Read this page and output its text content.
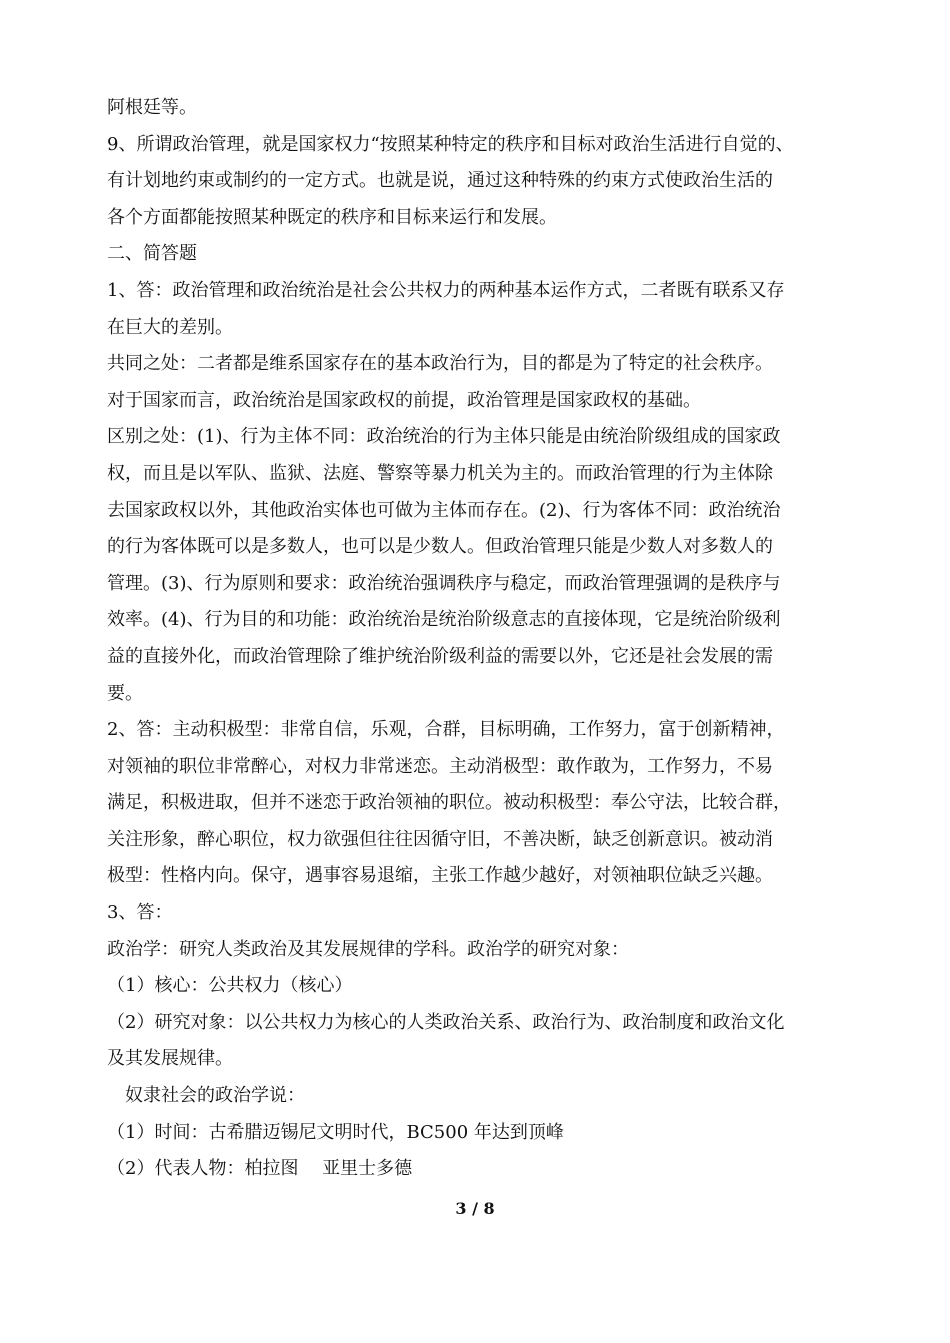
阿根廷等。
9、所谓政治管理，就是国家权力“按照某种特定的秩序和目标对政治生活进行自觉的、
有计划地约束或制约的一定方式。也就是说，通过这种特殊的约束方式使政治生活的
各个方面都能按照某种既定的秩序和目标来运行和发展。
二、简答题
1、答：政治管理和政治统治是社会公共权力的两种基本运作方式，二者既有联系又存
在巨大的差别。
共同之处：二者都是维系国家存在的基本政治行为，目的都是为了特定的社会秩序。
对于国家而言，政治统治是国家政权的前提，政治管理是国家政权的基础。
区别之处：(1)、行为主体不同：政治统治的行为主体只能是由统治阶级组成的国家政
权，而且是以军队、监狱、法庭、警察等暴力机关为主的。而政治管理的行为主体除
去国家政权以外，其他政治实体也可做为主体而存在。(2)、行为客体不同：政治统治
的行为客体既可以是多数人，也可以是少数人。但政治管理只能是少数人对多数人的
管理。(3)、行为原则和要求：政治统治强调秩序与稳定，而政治管理强调的是秩序与
效率。(4)、行为目的和功能：政治统治是统治阶级意志的直接体现，它是统治阶级利
益的直接外化，而政治管理除了维护统治阶级利益的需要以外，它还是社会发展的需
要。
2、答：主动积极型：非常自信，乐观，合群，目标明确，工作努力，富于创新精神，
对领袖的职位非常醉心，对权力非常迷恋。主动消极型：敢作敢为，工作努力，不易
满足，积极进取，但并不迷恋于政治领袖的职位。被动积极型：奉公守法，比较合群，
关注形象，醉心职位，权力欲强但往往因循守旧，不善决断，缺乏创新意识。被动消
极型：性格内向。保守，遇事容易退缩，主张工作越少越好，对领袖职位缺乏兴趣。
3、答：
政治学：研究人类政治及其发展规律的学科。政治学的研究对象：
（1）核心：公共权力（核心）
（2）研究对象：以公共权力为核心的人类政治关系、政治行为、政治制度和政治文化
及其发展规律。
奴隶社会的政治学说：
（1）时间：古希腊迈锡尼文明时代，BC500 年达到顶峰
（2）代表人物：柏拉图　 亚里士多德
3 / 8
